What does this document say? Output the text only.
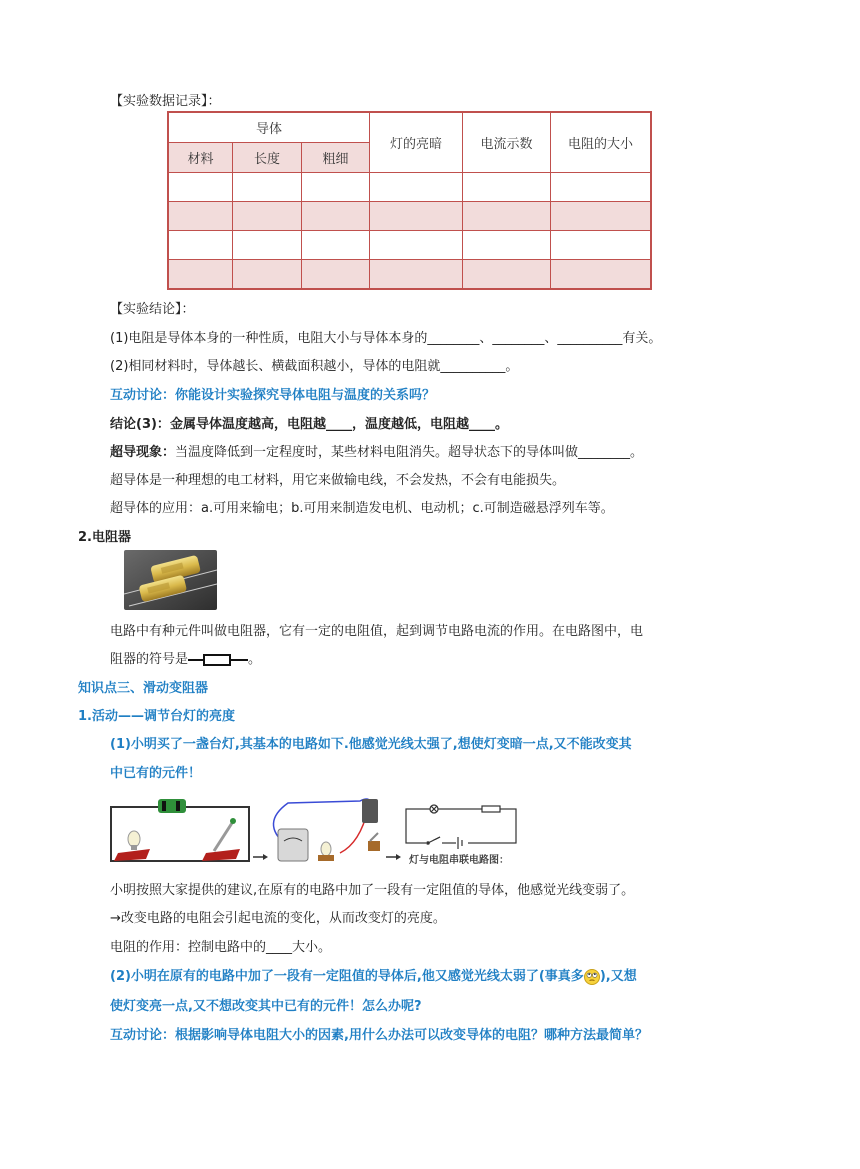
【实验数据记录】：
导体			灯的亮暗	电流示数	电阻的大小
材料	长度	粗细			

【实验结论】：
(1)电阻是导体本身的一种性质，电阻大小与导体本身的________、________、__________有关。
(2)相同材料时，导体越长、横截面积越小，导体的电阻就__________。
互动讨论：你能设计实验探究导体电阻与温度的关系吗？
结论(3)：金属导体温度越高，电阻越____，温度越低，电阻越____。
超导现象：当温度降低到一定程度时，某些材料电阻消失。超导状态下的导体叫做________。
超导体是一种理想的电工材料，用它来做输电线，不会发热，不会有电能损失。
超导体的应用：a.可用来输电；b.可用来制造发电机、电动机；c.可制造磁悬浮列车等。
2.电阻器
电路中有种元件叫做电阻器，它有一定的电阻值，起到调节电路电流的作用。在电路图中，电
阻器的符号是	。
知识点三、滑动变阻器
1.活动——调节台灯的亮度
(1)小明买了一盏台灯,其基本的电路如下.他感觉光线太强了,想使灯变暗一点,又不能改变其
中已有的元件！
灯与电阻串联电路图：
小明按照大家提供的建议,在原有的电路中加了一段有一定阻值的导体，他感觉光线变弱了。
→改变电路的电阻会引起电流的变化，从而改变灯的亮度。
电阻的作用：控制电路中的____大小。
(2)小明在原有的电路中加了一段有一定阻值的导体后,他又感觉光线太弱了(事真多 ),又想
使灯变亮一点,又不想改变其中已有的元件！怎么办呢?
互动讨论：根据影响导体电阻大小的因素,用什么办法可以改变导体的电阻？哪种方法最简单？
